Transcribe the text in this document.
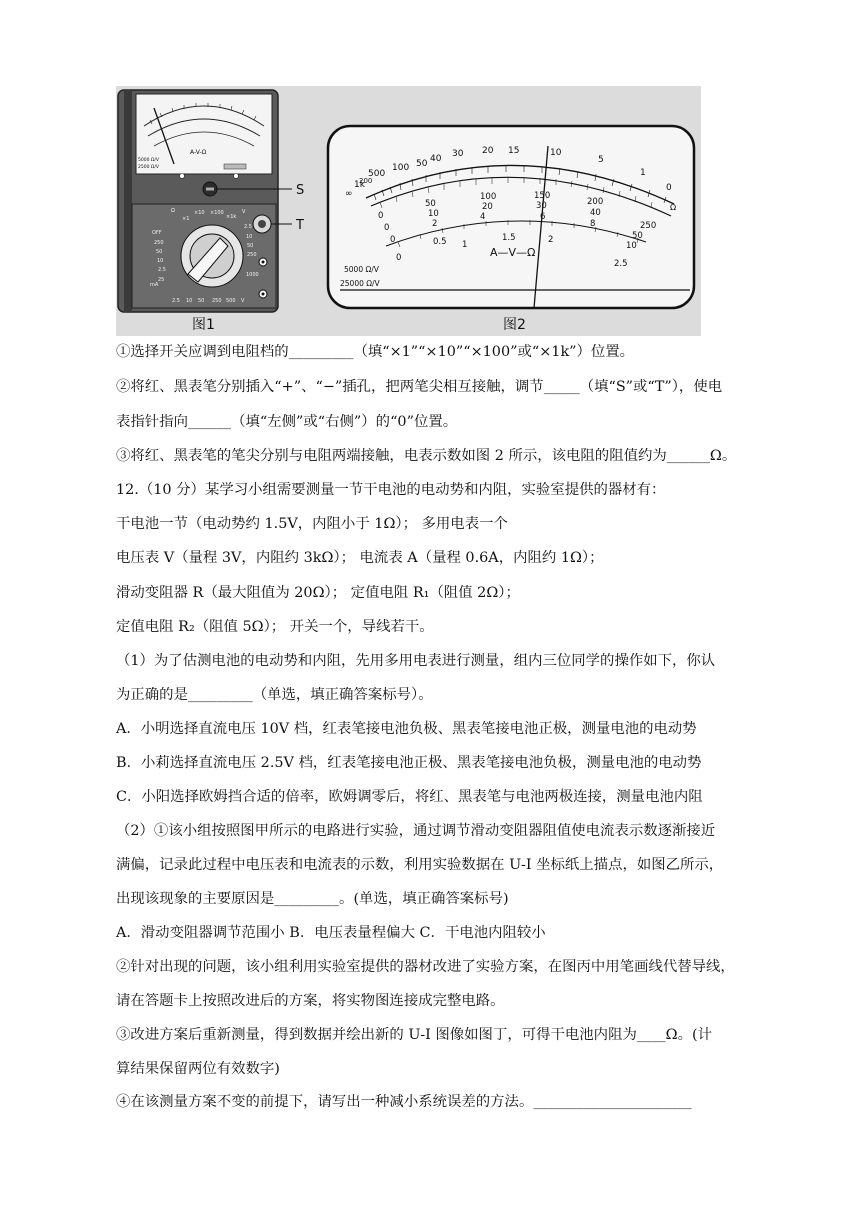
A-V-Ω
5000 Ω/V
2500 Ω/V
S
T
OFF
250
50
10
2.5
×1
×10 ×100
×1k
Ω	V
2.5
10
50
250
1000
mA
25
2.5 10 50 250 500 V
图1
∞
1k
500
200
100 50 40 30 20 15	10
5
1
0
Ω
0
50
100	150
200
250
0
10
20	30
40
50
0
2
4	6
8
10
0
0.5 1
1.5	2
2.5
A—V—Ω
5000 Ω/V
25000 Ω/V
图2
①选择开关应调到电阻档的_________（填“×1”“×10”“×100”或“×1k”）位置。
②将红、黑表笔分别插入“+”、“−”插孔，把两笔尖相互接触，调节_____（填“S”或“T”），使电
表指针指向______（填“左侧”或“右侧”）的“0”位置。
③将红、黑表笔的笔尖分别与电阻两端接触，电表示数如图 2 所示，该电阻的阻值约为______Ω。
12.（10 分）某学习小组需要测量一节干电池的电动势和内阻，实验室提供的器材有：
干电池一节（电动势约 1.5V，内阻小于 1Ω）； 多用电表一个
电压表 V（量程 3V，内阻约 3kΩ）； 电流表 A（量程 0.6A，内阻约 1Ω）；
滑动变阻器 R（最大阻值为 20Ω）； 定值电阻 R₁（阻值 2Ω）；
定值电阻 R₂（阻值 5Ω）； 开关一个，导线若干。
（1）为了估测电池的电动势和内阻，先用多用电表进行测量，组内三位同学的操作如下，你认
为正确的是_________（单选，填正确答案标号）。
A．小明选择直流电压 10V 档，红表笔接电池负极、黑表笔接电池正极，测量电池的电动势
B．小莉选择直流电压 2.5V 档，红表笔接电池正极、黑表笔接电池负极，测量电池的电动势
C．小阳选择欧姆挡合适的倍率，欧姆调零后，将红、黑表笔与电池两极连接，测量电池内阻
（2）①该小组按照图甲所示的电路进行实验，通过调节滑动变阻器阻值使电流表示数逐渐接近
满偏，记录此过程中电压表和电流表的示数，利用实验数据在 U-I 坐标纸上描点，如图乙所示，
出现该现象的主要原因是_________。(单选，填正确答案标号)
A．滑动变阻器调节范围小 B．电压表量程偏大 C．干电池内阻较小
②针对出现的问题，该小组利用实验室提供的器材改进了实验方案，在图丙中用笔画线代替导线，
请在答题卡上按照改进后的方案，将实物图连接成完整电路。
③改进方案后重新测量，得到数据并绘出新的 U-I 图像如图丁，可得干电池内阻为____Ω。(计
算结果保留两位有效数字)
④在该测量方案不变的前提下，请写出一种减小系统误差的方法。______________________
